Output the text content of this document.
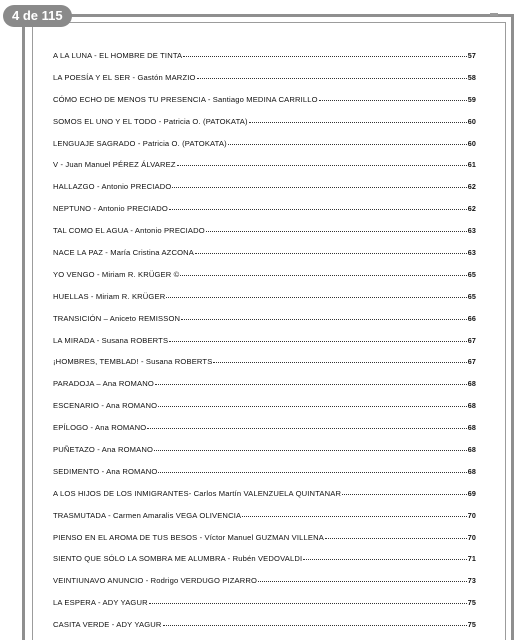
4 de 115
A LA LUNA - EL HOMBRE DE TINTA	57
LA POESÍA Y EL SER - Gastón MARZIO	58
CÓMO ECHO DE MENOS TU PRESENCIA - Santiago MEDINA CARRILLO	59
SOMOS EL UNO Y EL TODO - Patricia O. (PATOKATA)	60
LENGUAJE SAGRADO - Patricia O. (PATOKATA)	60
V - Juan Manuel PÉREZ ÁLVAREZ	61
HALLAZGO - Antonio PRECIADO	62
NEPTUNO - Antonio PRECIADO	62
TAL COMO EL AGUA - Antonio PRECIADO	63
NACE LA PAZ - María Cristina AZCONA	63
YO VENGO - Miriam R. KRÜGER ©	65
HUELLAS - Miriam R. KRÜGER	65
TRANSICIÓN – Aniceto REMISSON	66
LA MIRADA - Susana ROBERTS	67
¡HOMBRES, TEMBLAD! - Susana ROBERTS	67
PARADOJA – Ana ROMANO	68
ESCENARIO - Ana ROMANO	68
EPÍLOGO - Ana ROMANO	68
PUÑETAZO - Ana ROMANO	68
SEDIMENTO - Ana ROMANO	68
A LOS HIJOS DE LOS INMIGRANTES- Carlos Martín VALENZUELA QUINTANAR	69
TRASMUTADA - Carmen Amaralis VEGA OLIVENCIA	70
PIENSO EN EL AROMA DE TUS BESOS - Víctor Manuel GUZMAN VILLENA	70
SIENTO QUE SÓLO LA SOMBRA ME ALUMBRA - Rubén VEDOVALDI	71
VEINTIUNAVO ANUNCIO - Rodrigo VERDUGO PIZARRO	73
LA ESPERA - ADY YAGUR	75
CASITA VERDE - ADY YAGUR	75
